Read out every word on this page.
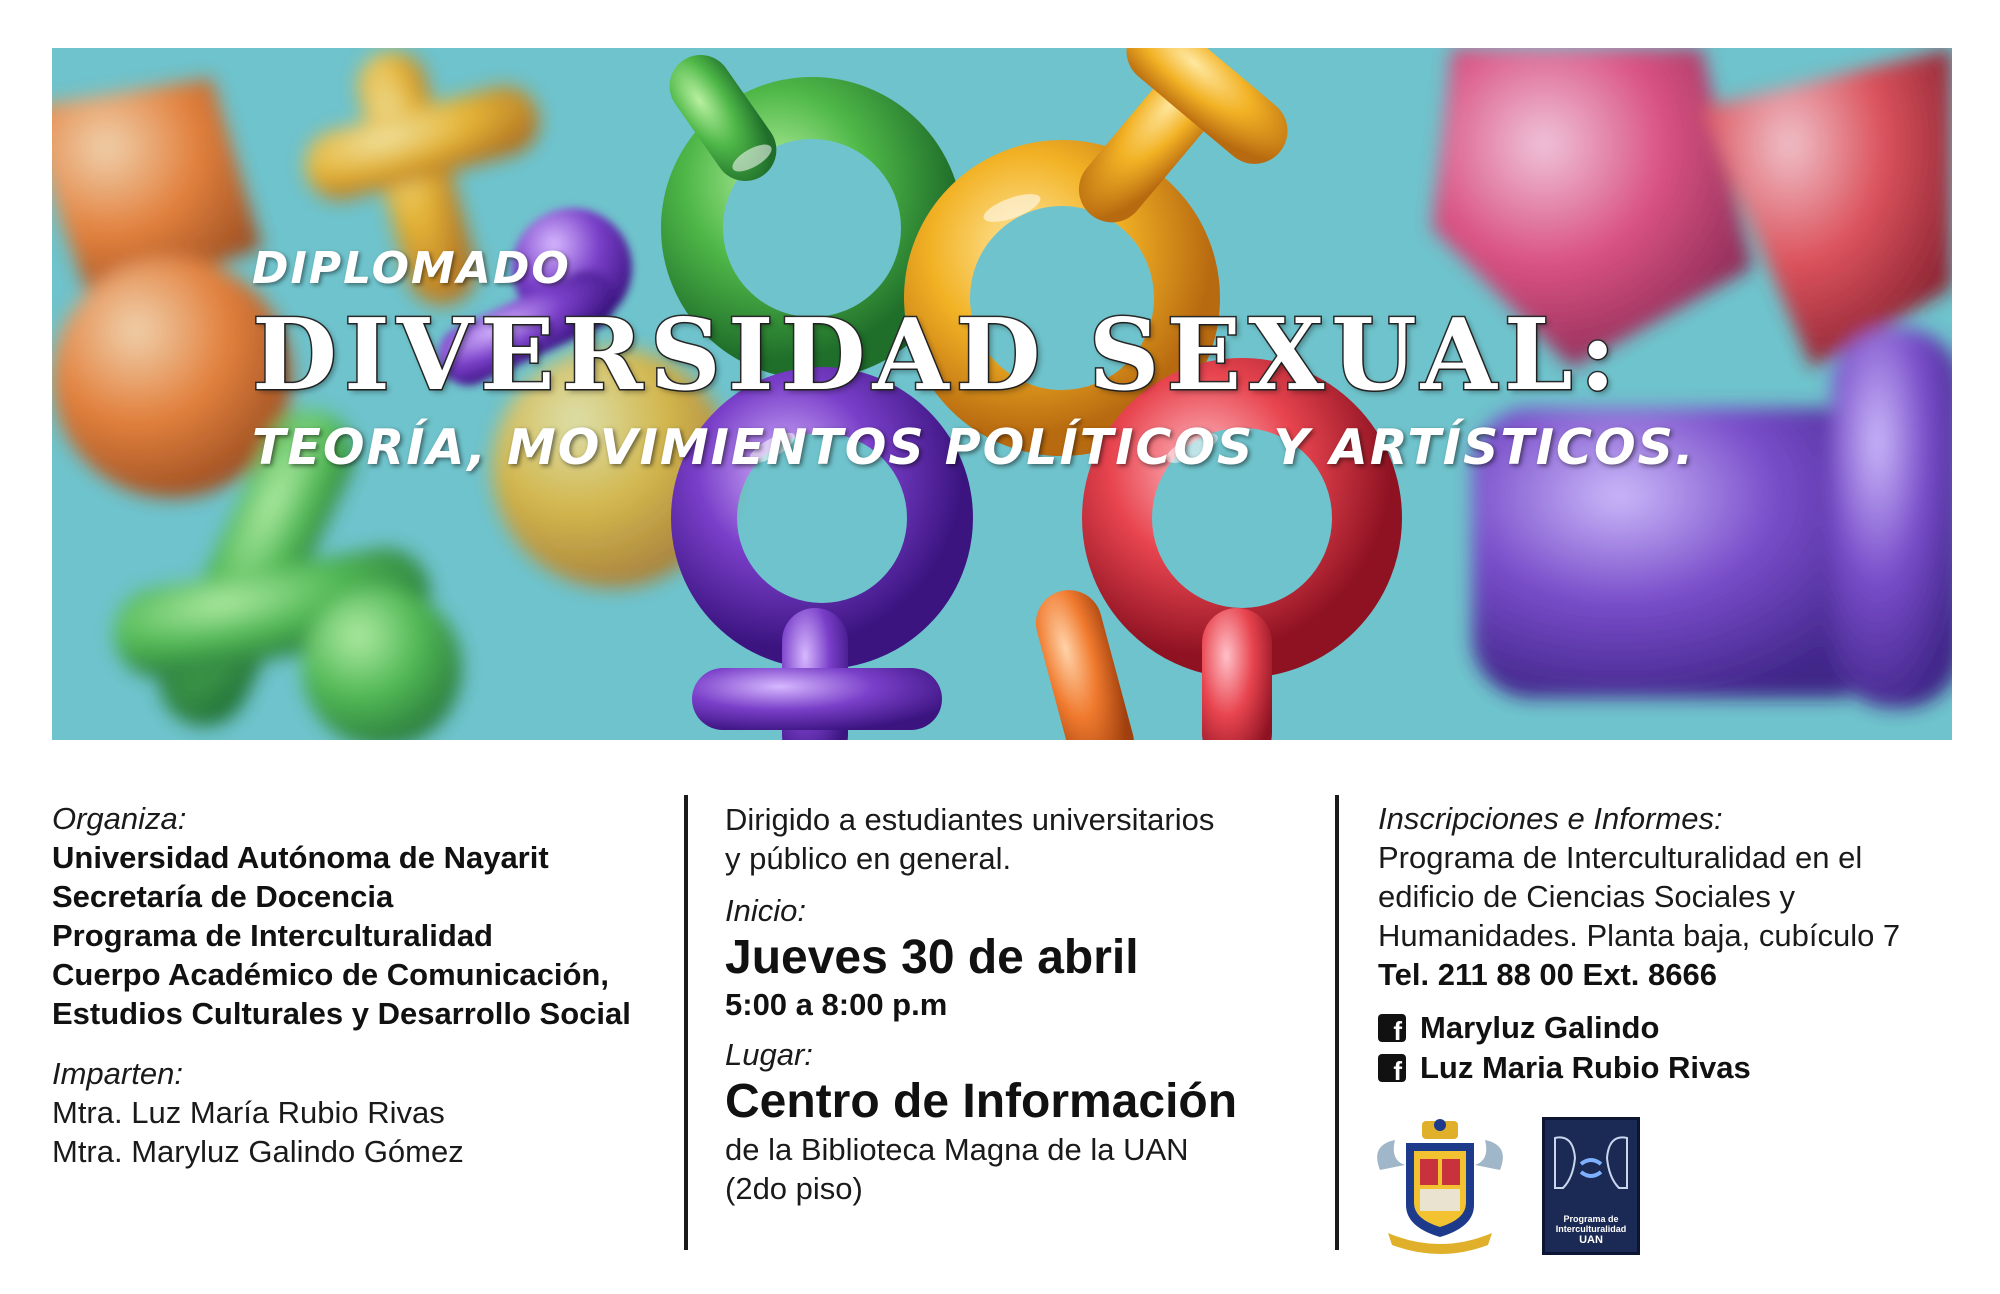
DIPLOMADO
DIVERSIDAD SEXUAL:
TEORÍA, MOVIMIENTOS POLÍTICOS Y ARTÍSTICOS.
Organiza:
Universidad Autónoma de Nayarit
Secretaría de Docencia
Programa de Interculturalidad
Cuerpo Académico de Comunicación,
Estudios Culturales y Desarrollo Social
Imparten:
Mtra. Luz María Rubio Rivas
Mtra. Maryluz Galindo Gómez
Dirigido a estudiantes universitarios
y público en general.
Inicio:
Jueves 30 de abril
5:00 a 8:00 p.m
Lugar:
Centro de Información
de la Biblioteca Magna de la UAN
(2do piso)
Inscripciones e Informes:
Programa de Interculturalidad en el
edificio de Ciencias Sociales y
Humanidades. Planta baja, cubículo 7
Tel. 211 88 00 Ext. 8666
f Maryluz Galindo
f Luz Maria Rubio Rivas
Programa de
Interculturalidad
UAN
